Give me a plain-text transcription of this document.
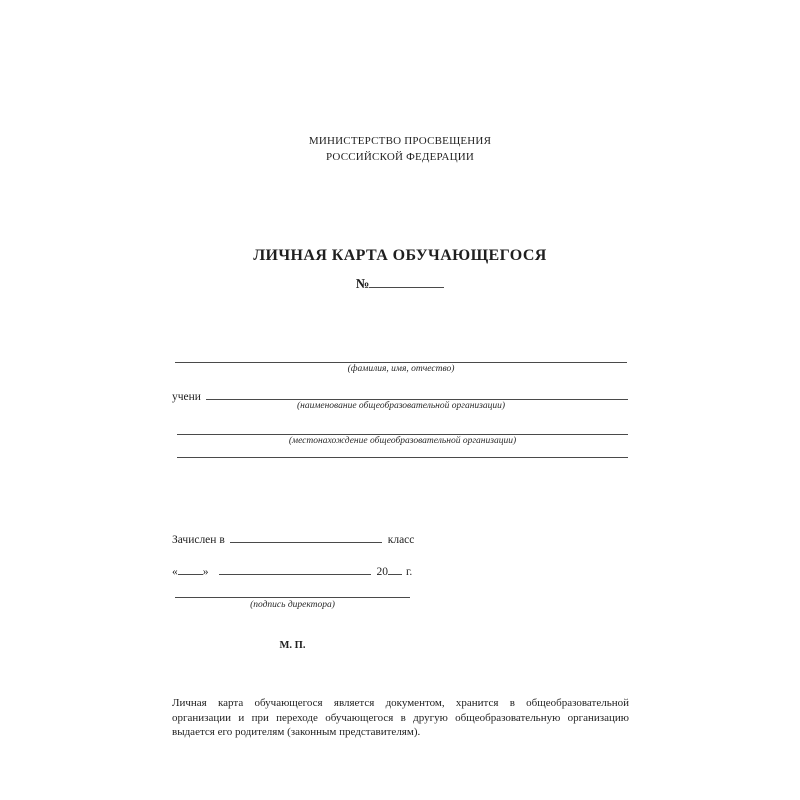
МИНИСТЕРСТВО ПРОСВЕЩЕНИЯ
РОССИЙСКОЙ ФЕДЕРАЦИИ
ЛИЧНАЯ КАРТА ОБУЧАЮЩЕГОСЯ
№
(фамилия, имя, отчество)
учени
(наименование общеобразовательной организации)
(местонахождение общеобразовательной организации)
Зачислен в	класс
« »	20 г.
(подпись директора)
М. П.
Личная карта обучающегося является документом, хранится в общеобразовательной организации и при переходе обучающегося в другую общеобразовательную организацию выдается его родителям (законным представителям).
